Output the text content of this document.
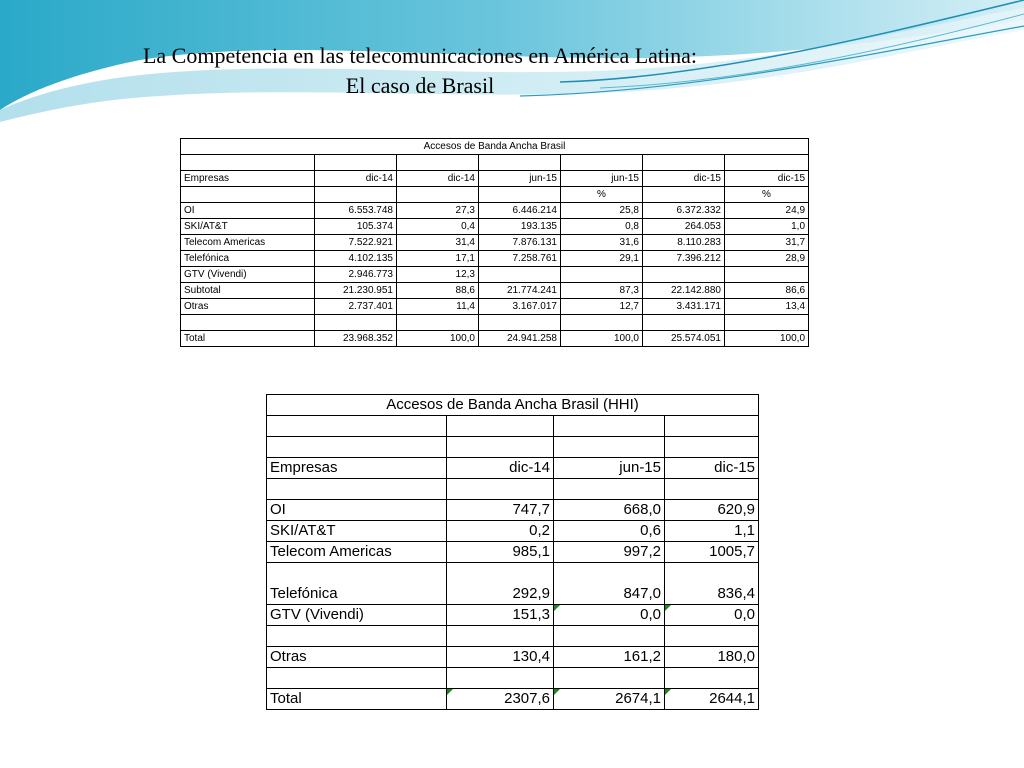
La Competencia en las telecomunicaciones en América Latina:
El caso de Brasil
Accesos de Banda Ancha Brasil						

Empresas	dic-14	dic-14	jun-15	jun-15	dic-15	dic-15
				%		%
OI	6.553.748	27,3	6.446.214	25,8	6.372.332	24,9
SKI/AT&T	105.374	0,4	193.135	0,8	264.053	1,0
Telecom Americas	7.522.921	31,4	7.876.131	31,6	8.110.283	31,7
Telefónica	4.102.135	17,1	7.258.761	29,1	7.396.212	28,9
GTV (Vivendi)	2.946.773	12,3				
Subtotal	21.230.951	88,6	21.774.241	87,3	22.142.880	86,6
Otras	2.737.401	11,4	3.167.017	12,7	3.431.171	13,4

Total	23.968.352	100,0	24.941.258	100,0	25.574.051	100,0
Accesos de Banda Ancha Brasil (HHI)			

Empresas	dic-14	jun-15	dic-15

OI	747,7	668,0	620,9
SKI/AT&T	0,2	0,6	1,1
Telecom Americas	985,1	997,2	1005,7
Telefónica	292,9	847,0	836,4
GTV (Vivendi)	151,3	0,0	0,0

Otras	130,4	161,2	180,0

Total	2307,6	2674,1	2644,1
